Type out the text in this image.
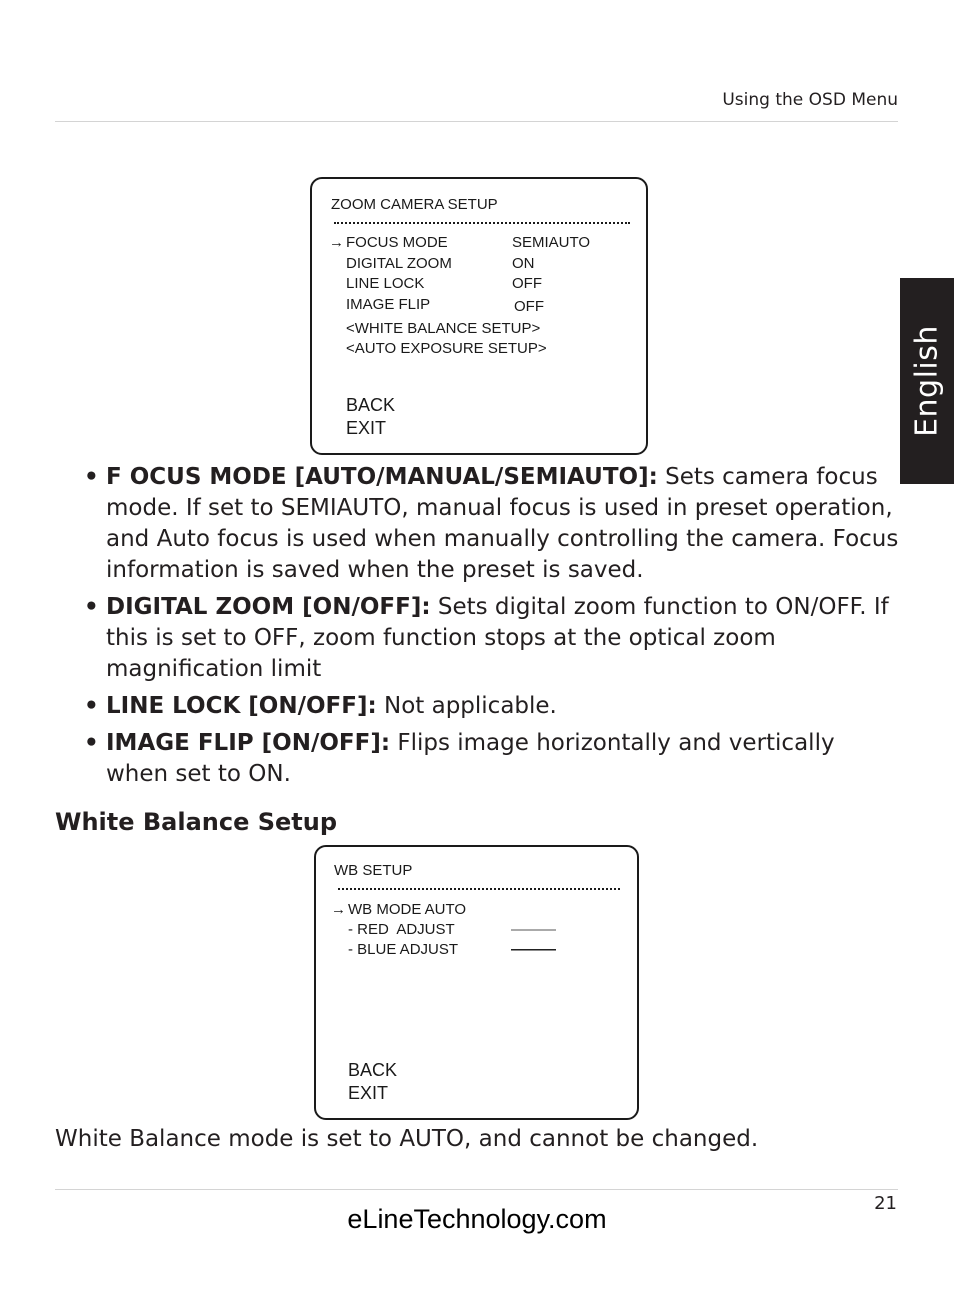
Using the OSD Menu
English
ZOOM CAMERA SETUP
→ FOCUS MODE	SEMIAUTO
DIGITAL ZOOM	ON
LINE LOCK	OFF
IMAGE FLIP	OFF
<WHITE BALANCE SETUP>
<AUTO EXPOSURE SETUP>
BACK
EXIT
• F OCUS MODE [AUTO/MANUAL/SEMIAUTO]: Sets camera focus mode. If set to SEMIAUTO, manual focus is used in preset operation, and Auto focus is used when manually controlling the camera. Focus information is saved when the preset is saved.
• DIGITAL ZOOM [ON/OFF]: Sets digital zoom function to ON/OFF. If this is set to OFF, zoom function stops at the optical zoom magnification limit
• LINE LOCK [ON/OFF]: Not applicable.
• IMAGE FLIP [ON/OFF]: Flips image horizontally and vertically when set to ON.
White Balance Setup
WB SETUP
→ WB MODE AUTO
- RED  ADJUST	———
- BLUE ADJUST	———
BACK
EXIT
White Balance mode is set to AUTO, and cannot be changed.
21
eLineTechnology.com
